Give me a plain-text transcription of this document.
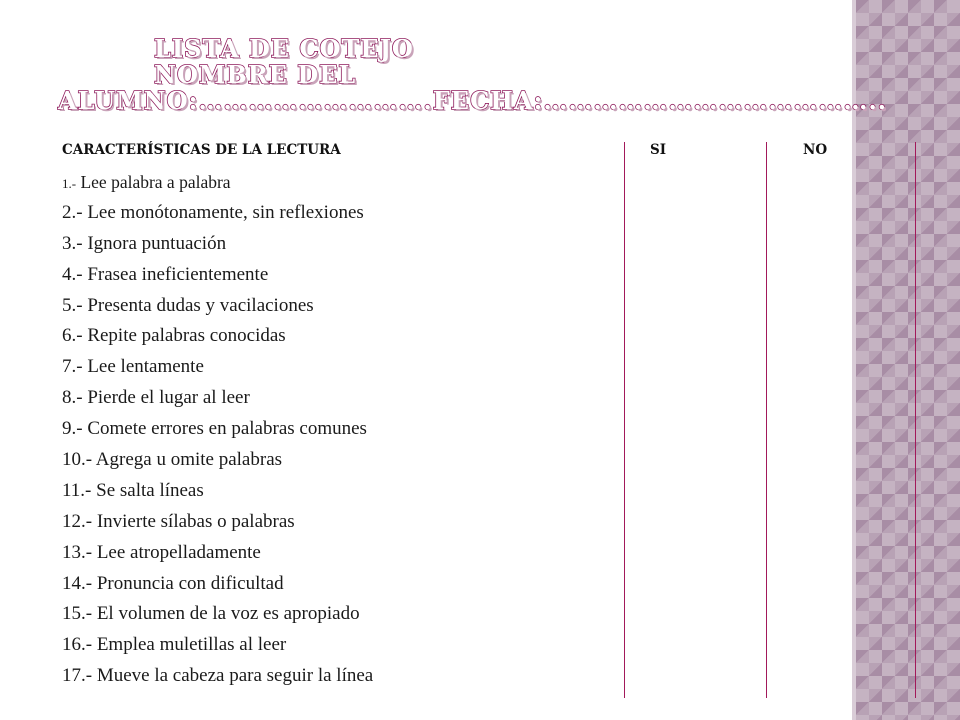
LISTA DE COTEJO
NOMBRE DEL
ALUMNO:……………………….FECHA:…………………………………..
CARACTERÍSTICAS DE LA LECTURA	SI	NO
1.- Lee palabra a palabra
2.- Lee monótonamente, sin reflexiones
3.- Ignora puntuación
4.- Frasea ineficientemente
5.- Presenta dudas y vacilaciones
6.- Repite palabras conocidas
7.- Lee lentamente
8.- Pierde el lugar al leer
9.- Comete errores en palabras comunes
10.- Agrega u omite palabras
11.- Se salta líneas
12.- Invierte sílabas o palabras
13.- Lee atropelladamente
14.- Pronuncia con dificultad
15.- El volumen de la voz es apropiado
16.- Emplea muletillas al leer
17.- Mueve la cabeza para seguir la línea
